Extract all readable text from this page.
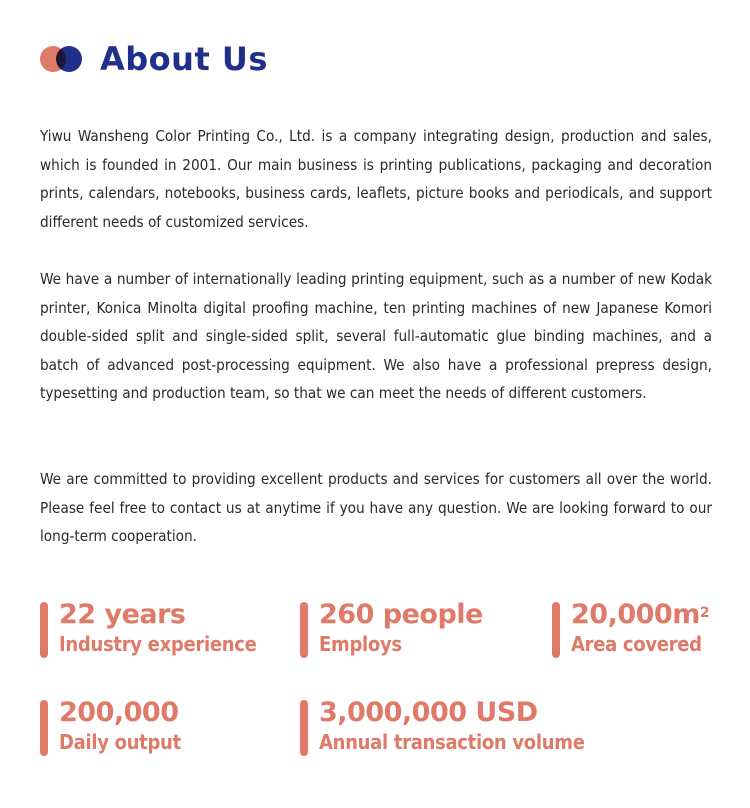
About Us

Yiwu Wansheng Color Printing Co., Ltd. is a company integrating design, production and sales, which is founded in 2001. Our main business is printing publications, packaging and decoration prints, calendars, notebooks, business cards, leaflets, picture books and periodicals, and support different needs of customized services.

We have a number of internationally leading printing equipment, such as a number of new Kodak printer, Konica Minolta digital proofing machine, ten printing machines of new Japanese Komori double-sided split and single-sided split, several full-automatic glue binding machines, and a batch of advanced post-processing equipment. We also have a professional prepress design, typesetting and production team, so that we can meet the needs of different customers.

We are committed to providing excellent products and services for customers all over the world. Please feel free to contact us at anytime if you have any question. We are looking forward to our long-term cooperation.

22 years
Industry experience
260 people
Employs
$20,000m^2$
Area covered
200,000
Daily output
3,000,000 USD
Annual transaction volume
